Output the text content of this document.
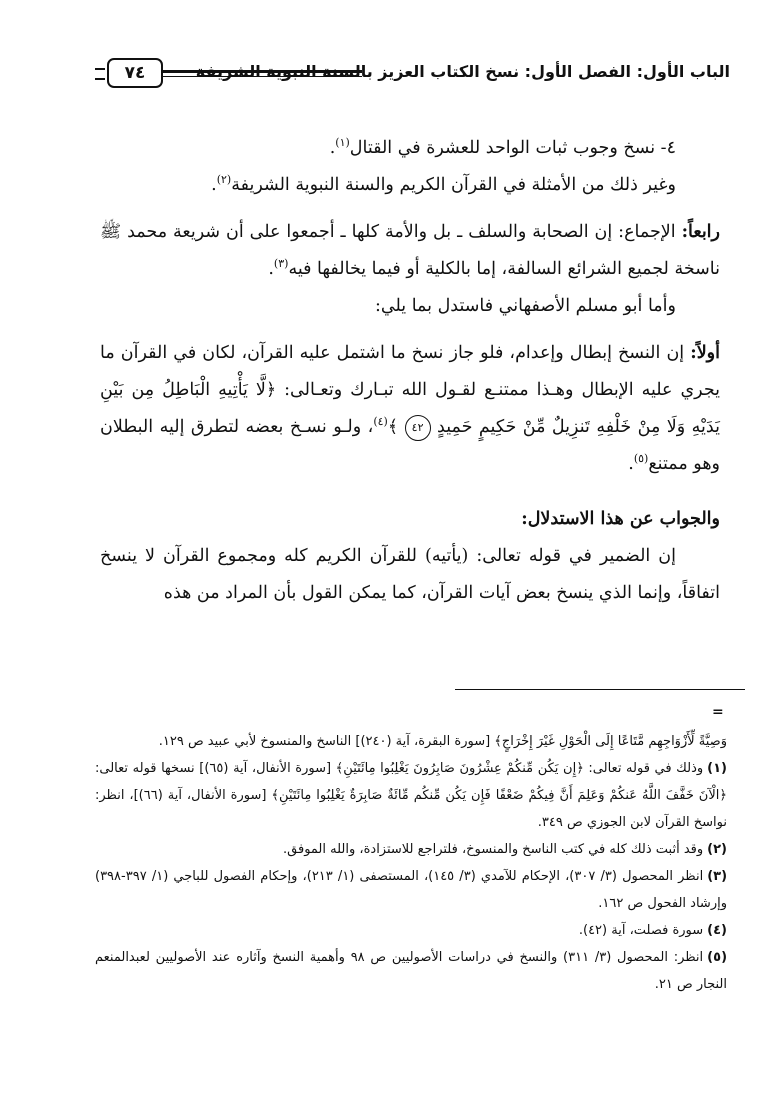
٧٤	الباب الأول: الفصل الأول: نسخ الكتاب العزيز بالسنة النبوية الشريفة

٤- نسخ وجوب ثبات الواحد للعشرة في القتال$^{(١)}$.

وغير ذلك من الأمثلة في القرآن الكريم والسنة النبوية الشريفة$^{(٢)}$.

رابعاً: الإجماع: إن الصحابة والسلف ـ بل والأمة كلها ـ أجمعوا على أن شريعة محمد ﷺ ناسخة لجميع الشرائع السالفة، إما بالكلية أو فيما يخالفها فيه$^{(٣)}$.

وأما أبو مسلم الأصفهاني فاستدل بما يلي:

أولاً: إن النسخ إبطال وإعدام، فلو جاز نسخ ما اشتمل عليه القرآن، لكان في القرآن ما يجري عليه الإبطال وهـذا ممتنـع لقـول الله تبـارك وتعـالى: ﴿لَّا يَأْتِيهِ الْبَاطِلُ مِن بَيْنِ يَدَيْهِ وَلَا مِنْ خَلْفِهِ تَنزِيلٌ مِّنْ حَكِيمٍ حَمِيدٍ ٤٢ ﴾$^{(٤)}$، ولـو نسـخ بعضه لتطرق إليه البطلان وهو ممتنع$^{(٥)}$.

والجواب عن هذا الاستدلال:

إن الضمير في قوله تعالى: (يأتيه) للقرآن الكريم كله ومجموع القرآن لا ينسخ اتفاقاً، وإنما الذي ينسخ بعض آيات القرآن، كما يمكن القول بأن المراد من هذه

=

وَصِيَّةً لِّأَزْوَاجِهِم مَّتَاعًا إِلَى الْحَوْلِ غَيْرَ إِخْرَاجٍ﴾ [سورة البقرة، آية (٢٤٠)] الناسخ والمنسوخ لأبي عبيد ص ١٢٩.

(١)وذلك في قوله تعالى: ﴿إِن يَكُن مِّنكُمْ عِشْرُونَ صَابِرُونَ يَغْلِبُوا مِائَتَيْنِ﴾ [سورة الأنفال، آية (٦٥)] نسخها قوله تعالى: ﴿الْآنَ خَفَّفَ اللَّهُ عَنكُمْ وَعَلِمَ أَنَّ فِيكُمْ ضَعْفًا فَإِن يَكُن مِّنكُم مِّائَةٌ صَابِرَةٌ يَغْلِبُوا مِائَتَيْنِ﴾ [سورة الأنفال، آية (٦٦)]، انظر: نواسخ القرآن لابن الجوزي ص ٣٤٩.

(٢)وقد أثبت ذلك كله في كتب الناسخ والمنسوخ، فلتراجع للاستزادة، والله الموفق.

(٣)انظر المحصول (٣/ ٣٠٧)، الإحكام للآمدي (٣/ ١٤٥)، المستصفى (١/ ٢١٣)، وإحكام الفصول للباجي (١/ ٣٩٧-٣٩٨) وإرشاد الفحول ص ١٦٢.

(٤)سورة فصلت، آية (٤٢).

(٥)انظر: المحصول (٣/ ٣١١) والنسخ في دراسات الأصوليين ص ٩٨ وأهمية النسخ وآثاره عند الأصوليين لعبدالمنعم النجار ص ٢١.
